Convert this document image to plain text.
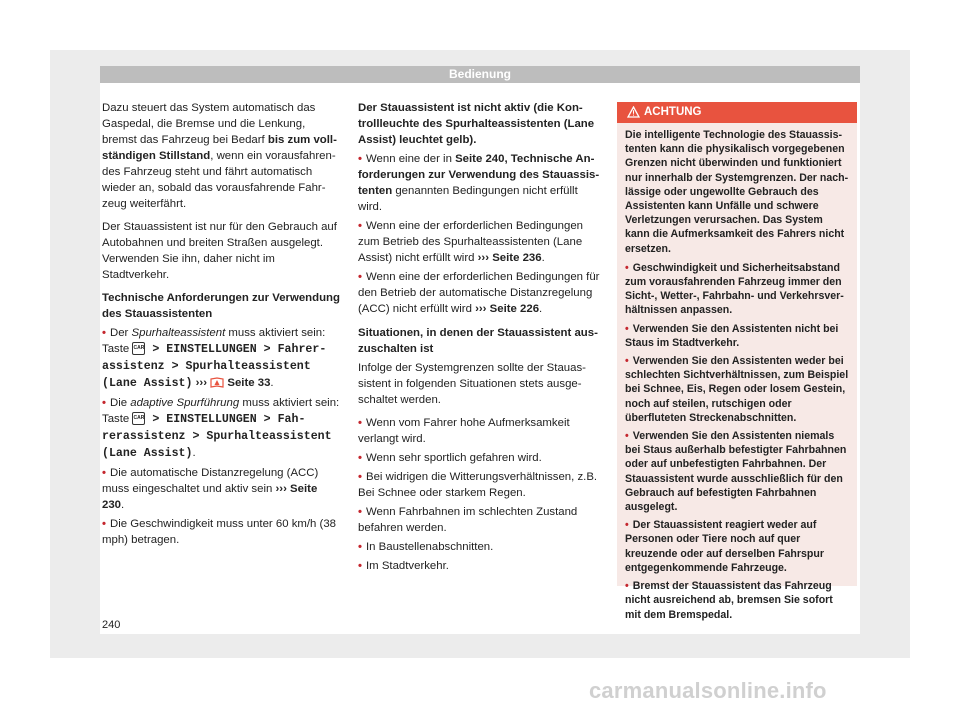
Bedienung

Dazu steuert das System automatisch das Gaspedal, die Bremse und die Lenkung, bremst das Fahrzeug bei Bedarf bis zum vollständigen Stillstand, wenn ein vorausfahrendes Fahrzeug steht und fährt automatisch wieder an, sobald das vorausfahrende Fahrzeug weiterfährt.

Der Stauassistent ist nur für den Gebrauch auf Autobahnen und breiten Straßen ausgelegt. Verwenden Sie ihn, daher nicht im Stadtverkehr.

Technische Anforderungen zur Verwendung des Stauassistenten

• Der Spurhalteassistent muss aktiviert sein: Taste CAR > EINSTELLUNGEN > Fahrerassistenz > Spurhalteassistent (Lane Assist) ›››  Seite 33.
• Die adaptive Spurführung muss aktiviert sein: Taste CAR > EINSTELLUNGEN > Fahrerassistenz > Spurhalteassistent (Lane Assist).
• Die automatische Distanzregelung (ACC) muss eingeschaltet und aktiv sein ››› Seite 230.
• Die Geschwindigkeit muss unter 60 km/h (38 mph) betragen.

Der Stauassistent ist nicht aktiv (die Kontrollleuchte des Spurhalteassistenten (Lane Assist) leuchtet gelb).

• Wenn eine der in Seite 240, Technische Anforderungen zur Verwendung des Stauassistenten genannten Bedingungen nicht erfüllt wird.
• Wenn eine der erforderlichen Bedingungen zum Betrieb des Spurhalteassistenten (Lane Assist) nicht erfüllt wird ››› Seite 236.
• Wenn eine der erforderlichen Bedingungen für den Betrieb der automatische Distanzregelung (ACC) nicht erfüllt wird ››› Seite 226.

Situationen, in denen der Stauassistent auszuschalten ist

Infolge der Systemgrenzen sollte der Stauassistent in folgenden Situationen stets ausgeschaltet werden.

• Wenn vom Fahrer hohe Aufmerksamkeit verlangt wird.
• Wenn sehr sportlich gefahren wird.
• Bei widrigen die Witterungsverhältnissen, z.B. Bei Schnee oder starkem Regen.
• Wenn Fahrbahnen im schlechten Zustand befahren werden.
• In Baustellenabschnitten.
• Im Stadtverkehr.
ACHTUNG

Die intelligente Technologie des Stauassistenten kann die physikalisch vorgegebenen Grenzen nicht überwinden und funktioniert nur innerhalb der Systemgrenzen. Der nachlässige oder ungewollte Gebrauch des Assistenten kann Unfälle und schwere Verletzungen verursachen. Das System kann die Aufmerksamkeit des Fahrers nicht ersetzen.

• Geschwindigkeit und Sicherheitsabstand zum vorausfahrenden Fahrzeug immer den Sicht-, Wetter-, Fahrbahn- und Verkehrsverhältnissen anpassen.
• Verwenden Sie den Assistenten nicht bei Staus im Stadtverkehr.
• Verwenden Sie den Assistenten weder bei schlechten Sichtverhältnissen, zum Beispiel bei Schnee, Eis, Regen oder losem Gestein, noch auf steilen, rutschigen oder überfluteten Streckenabschnitten.
• Verwenden Sie den Assistenten niemals bei Staus außerhalb befestigter Fahrbahnen oder auf unbefestigten Fahrbahnen. Der Stauassistent wurde ausschließlich für den Gebrauch auf befestigten Fahrbahnen ausgelegt.
• Der Stauassistent reagiert weder auf Personen oder Tiere noch auf quer kreuzende oder auf derselben Fahrspur entgegenkommende Fahrzeuge.
• Bremst der Stauassistent das Fahrzeug nicht ausreichend ab, bremsen Sie sofort mit dem Bremspedal.
240
carmanualsonline.info
